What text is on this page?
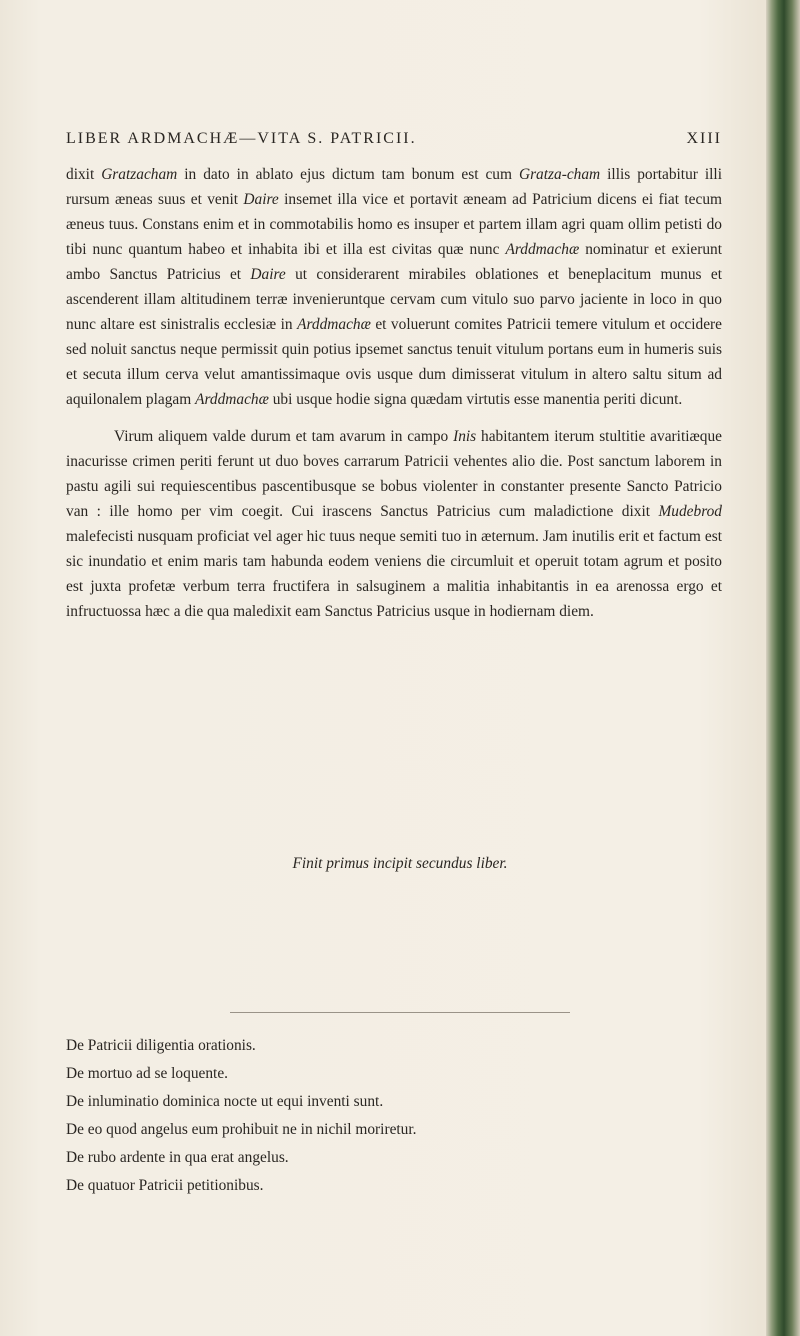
LIBER ARDMACHÆ—VITA S. PATRICII.	XIII

dixit Gratzacham in dato in ablato ejus dictum tam bonum est cum Gratza-cham illis portabitur illi rursum æneas suus et venit Daire insemet illa vice et portavit æneam ad Patricium dicens ei fiat tecum æneus tuus. Constans enim et in commotabilis homo es insuper et partem illam agri quam ollim petisti do tibi nunc quantum habeo et inhabita ibi et illa est civitas quæ nunc Arddmachæ nominatur et exierunt ambo Sanctus Patricius et Daire ut considerarent mirabiles oblationes et beneplacitum munus et ascenderent illam altitudinem terræ invenieruntque cervam cum vitulo suo parvo jaciente in loco in quo nunc altare est sinistralis ecclesiæ in Arddmachæ et voluerunt comites Patricii temere vitulum et occidere sed noluit sanctus neque permissit quin potius ipsemet sanctus tenuit vitulum portans eum in humeris suis et secuta illum cerva velut amantissimaque ovis usque dum dimisserat vitulum in altero saltu situm ad aquilonalem plagam Arddmachæ ubi usque hodie signa quædam virtutis esse manentia periti dicunt.

Virum aliquem valde durum et tam avarum in campo Inis habitantem iterum stultitie avaritiæque inacurisse crimen periti ferunt ut duo boves carrarum Patricii vehentes alio die. Post sanctum laborem in pastu agili sui requiescentibus pascentibusque se bobus violenter in constanter presente Sancto Patricio van : ille homo per vim coegit. Cui irascens Sanctus Patricius cum maladictione dixit Mudebrod malefecisti nusquam proficiat vel ager hic tuus neque semiti tuo in æternum. Jam inutilis erit et factum est sic inundatio et enim maris tam habunda eodem veniens die circumluit et operuit totam agrum et posito est juxta profetæ verbum terra fructifera in salsuginem a malitia inhabitantis in ea arenossa ergo et infructuossa hæc a die qua maledixit eam Sanctus Patricius usque in hodiernam diem.

Finit primus incipit secundus liber.
De Patricii diligentia orationis.
De mortuo ad se loquente.
De inluminatio dominica nocte ut equi inventi sunt.
De eo quod angelus eum prohibuit ne in nichil moriretur.
De rubo ardente in qua erat angelus.
De quatuor Patricii petitionibus.
